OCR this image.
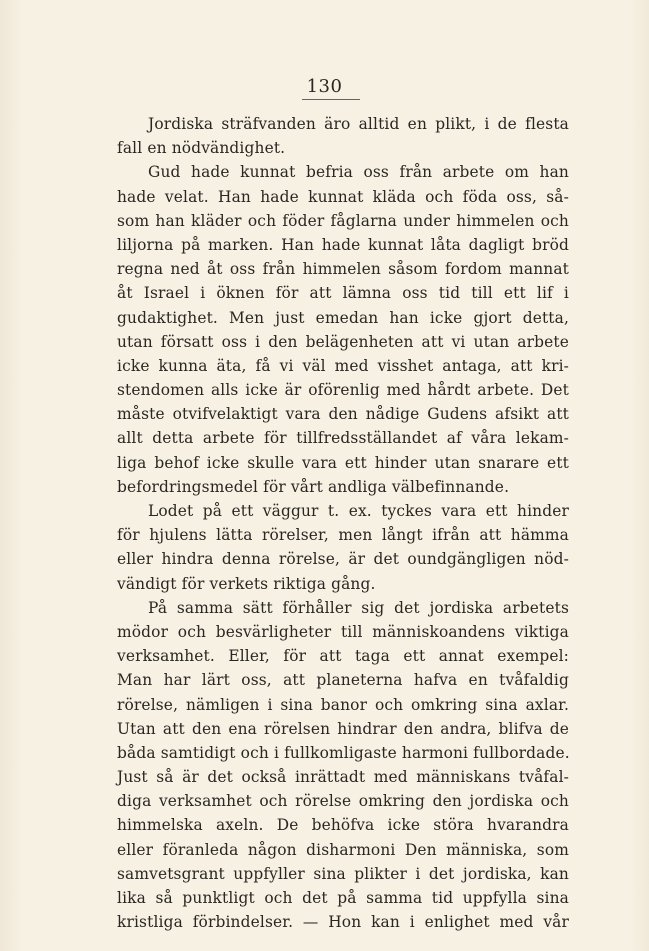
130
Jordiska sträfvanden äro alltid en plikt, i de flesta
fall en nödvändighet.
Gud hade kunnat befria oss från arbete om han
hade velat. Han hade kunnat kläda och föda oss, så-
som han kläder och föder fåglarna under himmelen och
liljorna på marken. Han hade kunnat låta dagligt bröd
regna ned åt oss från himmelen såsom fordom mannat
åt Israel i öknen för att lämna oss tid till ett lif i
gudaktighet. Men just emedan han icke gjort detta,
utan försatt oss i den belägenheten att vi utan arbete
icke kunna äta, få vi väl med visshet antaga, att kri-
stendomen alls icke är oförenlig med hårdt arbete. Det
måste otvifvelaktigt vara den nådige Gudens afsikt att
allt detta arbete för tillfredsställandet af våra lekam-
liga behof icke skulle vara ett hinder utan snarare ett
befordringsmedel för vårt andliga välbefinnande.
Lodet på ett väggur t. ex. tyckes vara ett hinder
för hjulens lätta rörelser, men långt ifrån att hämma
eller hindra denna rörelse, är det oundgängligen nöd-
vändigt för verkets riktiga gång.
På samma sätt förhåller sig det jordiska arbetets
mödor och besvärligheter till människoandens viktiga
verksamhet. Eller, för att taga ett annat exempel:
Man har lärt oss, att planeterna hafva en tvåfaldig
rörelse, nämligen i sina banor och omkring sina axlar.
Utan att den ena rörelsen hindrar den andra, blifva de
båda samtidigt och i fullkomligaste harmoni fullbordade.
Just så är det också inrättadt med människans tvåfal-
diga verksamhet och rörelse omkring den jordiska och
himmelska axeln. De behöfva icke störa hvarandra
eller föranleda någon disharmoni Den människa, som
samvetsgrant uppfyller sina plikter i det jordiska, kan
lika så punktligt och det på samma tid uppfylla sina
kristliga förbindelser. — Hon kan i enlighet med vår
